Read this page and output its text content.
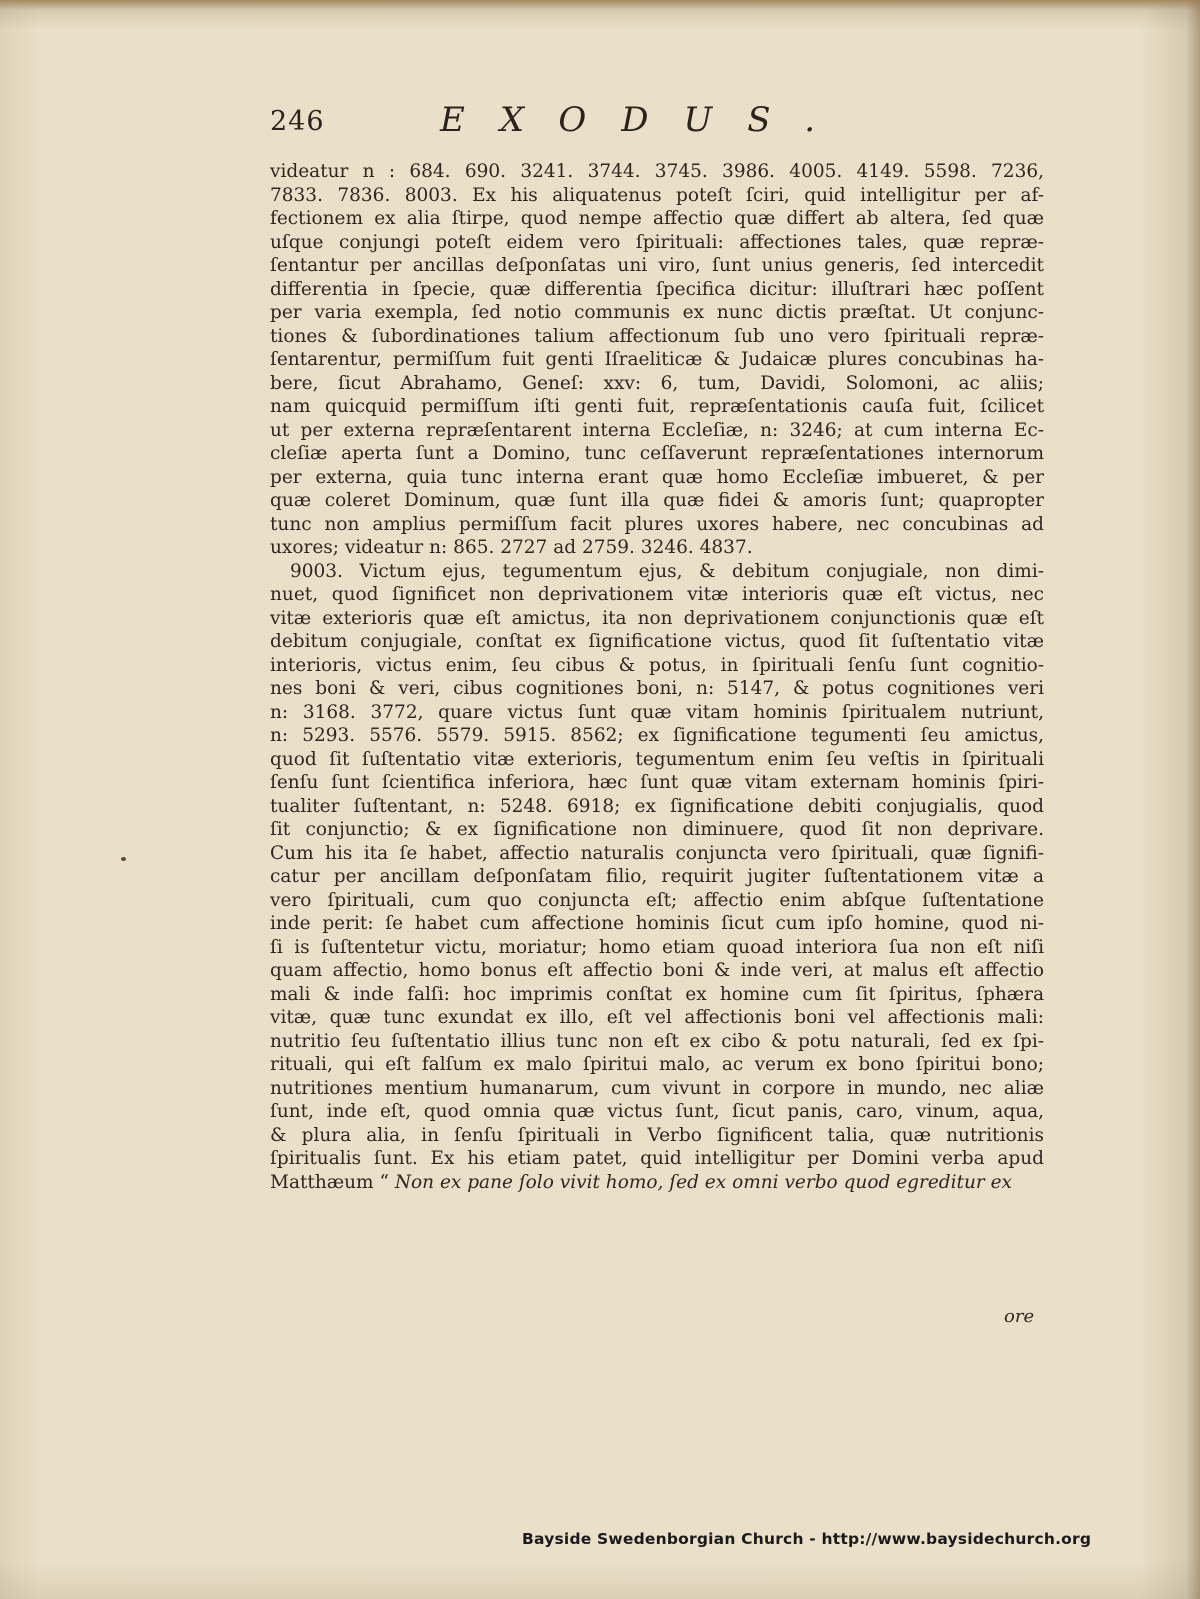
246	EXODUS.
videatur n : 684. 690. 3241. 3744. 3745. 3986. 4005. 4149. 5598. 7236,
7833. 7836. 8003. Ex his aliquatenus poteſt ſciri, quid intelligitur per af-
fectionem ex alia ſtirpe, quod nempe affectio quæ differt ab altera, ſed quæ
uſque conjungi poteſt eidem vero ſpirituali: affectiones tales, quæ repræ-
ſentantur per ancillas deſponſatas uni viro, ſunt unius generis, ſed intercedit
differentia in ſpecie, quæ differentia ſpecifica dicitur: illuſtrari hæc poſſent
per varia exempla, ſed notio communis ex nunc dictis præſtat. Ut conjunc-
tiones & ſubordinationes talium affectionum ſub uno vero ſpirituali repræ-
ſentarentur, permiſſum fuit genti Iſraeliticæ & Judaicæ plures concubinas ha-
bere, ſicut Abrahamo, Geneſ: xxv: 6, tum, Davidi, Solomoni, ac aliis;
nam quicquid permiſſum iſti genti fuit, repræſentationis cauſa fuit, ſcilicet
ut per externa repræſentarent interna Eccleſiæ, n: 3246; at cum interna Ec-
cleſiæ aperta ſunt a Domino, tunc ceſſaverunt repræſentationes internorum
per externa, quia tunc interna erant quæ homo Eccleſiæ imbueret, & per
quæ coleret Dominum, quæ ſunt illa quæ fidei & amoris ſunt; quapropter
tunc non amplius permiſſum facit plures uxores habere, nec concubinas ad
uxores; videatur n: 865. 2727 ad 2759. 3246. 4837.
9003. Victum ejus, tegumentum ejus, & debitum conjugiale, non dimi-
nuet, quod ſignificet non deprivationem vitæ interioris quæ eſt victus, nec
vitæ exterioris quæ eſt amictus, ita non deprivationem conjunctionis quæ eſt
debitum conjugiale, conſtat ex ſignificatione victus, quod ſit ſuſtentatio vitæ
interioris, victus enim, ſeu cibus & potus, in ſpirituali ſenſu ſunt cognitio-
nes boni & veri, cibus cognitiones boni, n: 5147, & potus cognitiones veri
n: 3168. 3772, quare victus ſunt quæ vitam hominis ſpiritualem nutriunt,
n: 5293. 5576. 5579. 5915. 8562; ex ſignificatione tegumenti ſeu amictus,
quod ſit ſuſtentatio vitæ exterioris, tegumentum enim ſeu veſtis in ſpirituali
ſenſu ſunt ſcientifica inferiora, hæc ſunt quæ vitam externam hominis ſpiri-
tualiter ſuſtentant, n: 5248. 6918; ex ſignificatione debiti conjugialis, quod
ſit conjunctio; & ex ſignificatione non diminuere, quod ſit non deprivare.
Cum his ita ſe habet, affectio naturalis conjuncta vero ſpirituali, quæ ſignifi-
catur per ancillam deſponſatam filio, requirit jugiter ſuſtentationem vitæ a
vero ſpirituali, cum quo conjuncta eſt; affectio enim abſque ſuſtentatione
inde perit: ſe habet cum affectione hominis ſicut cum ipſo homine, quod ni-
ſi is ſuſtentetur victu, moriatur; homo etiam quoad interiora ſua non eſt niſi
quam affectio, homo bonus eſt affectio boni & inde veri, at malus eſt affectio
mali & inde falſi: hoc imprimis conſtat ex homine cum ſit ſpiritus, ſphæra
vitæ, quæ tunc exundat ex illo, eſt vel affectionis boni vel affectionis mali:
nutritio ſeu ſuſtentatio illius tunc non eſt ex cibo & potu naturali, ſed ex ſpi-
rituali, qui eſt falſum ex malo ſpiritui malo, ac verum ex bono ſpiritui bono;
nutritiones mentium humanarum, cum vivunt in corpore in mundo, nec aliæ
ſunt, inde eſt, quod omnia quæ victus ſunt, ſicut panis, caro, vinum, aqua,
& plura alia, in ſenſu ſpirituali in Verbo ſignificent talia, quæ nutritionis
ſpiritualis ſunt. Ex his etiam patet, quid intelligitur per Domini verba apud
Matthæum “ Non ex pane ſolo vivit homo, ſed ex omni verbo quod egreditur ex
ore
Bayside Swedenborgian Church - http://www.baysidechurch.org
